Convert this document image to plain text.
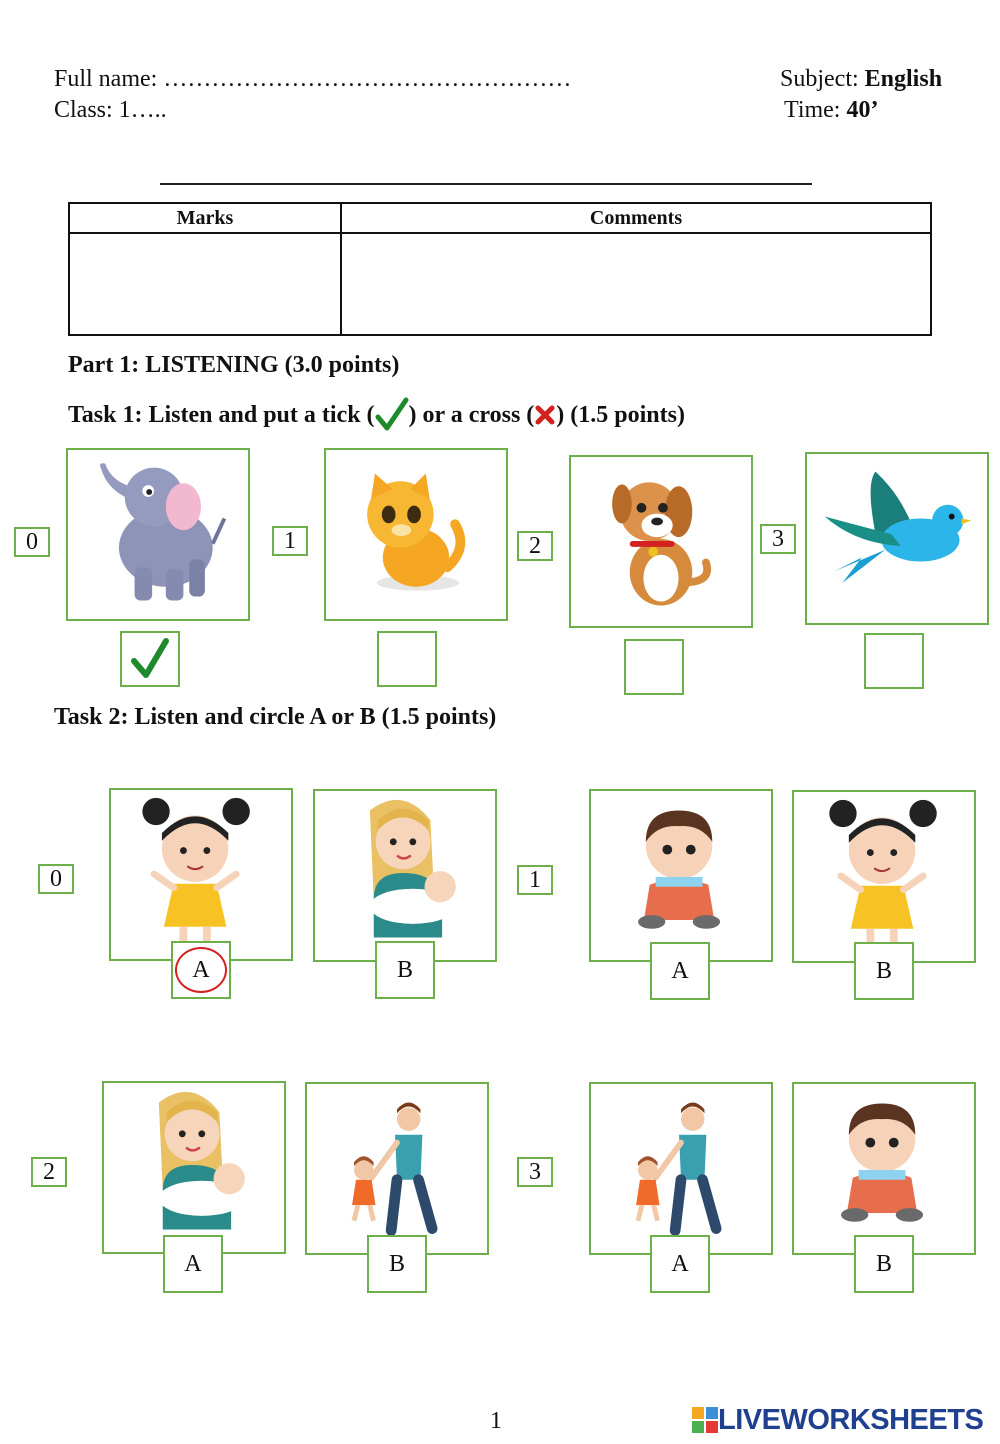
Full name: ……………………………………………
Class: 1…..
Subject: English
Time: 40’
Marks	Comments

Part 1: LISTENING (3.0 points)
Task 1: Listen and put a tick ( ) or a cross ( ) (1.5 points)
0	1	2	3
Task 2: Listen and circle A or B (1.5 points)
0
A	B
1
A	B
2
A	B
3
A	B
1	LIVEWORKSHEETS
